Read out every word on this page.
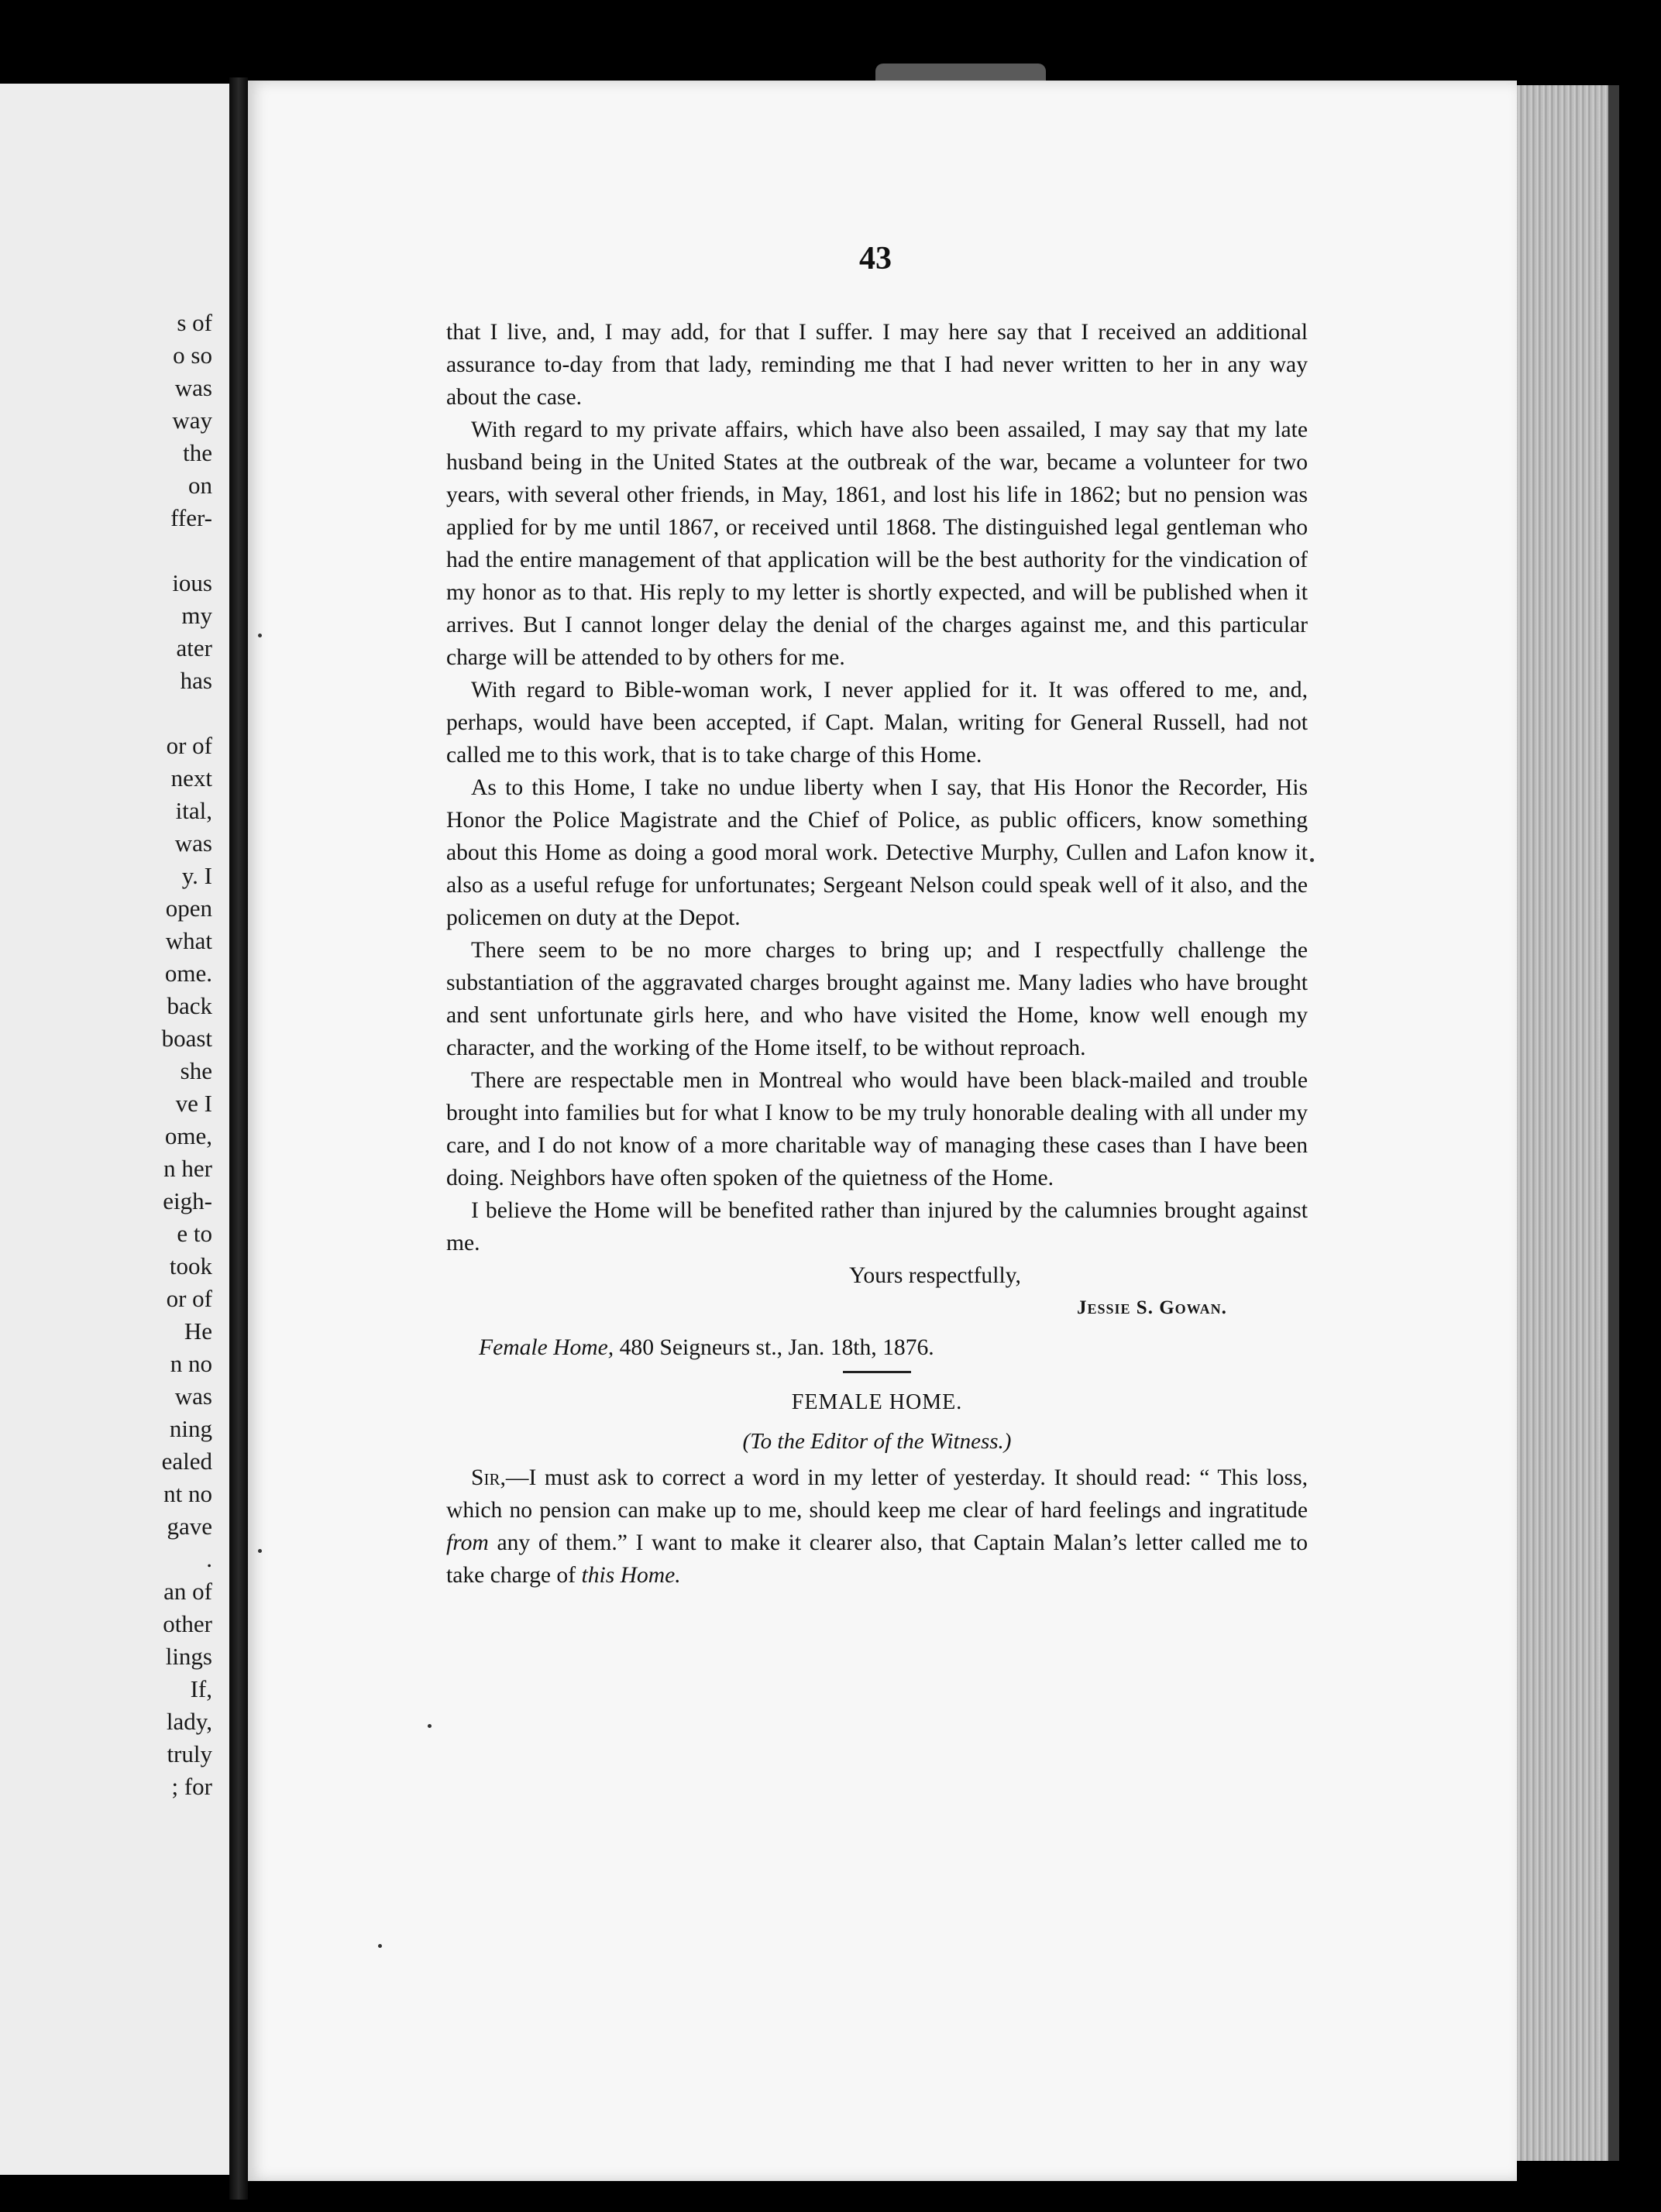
s of
o so
was
way
the
on
ffer-
ious
my
ater
has
or of
next
ital,
was
y. I
open
what
ome.
back
boast
she
ve I
ome,
n her
eigh-
e to
took
or of
He
n no
was
ning
ealed
nt no
gave
.
an of
other
lings
If,
lady,
truly
; for
43

that I live, and, I may add, for that I suffer. I may here say that I received an additional assurance to-day from that lady, reminding me that I had never written to her in any way about the case.

With regard to my private affairs, which have also been assailed, I may say that my late husband being in the United States at the outbreak of the war, became a volunteer for two years, with several other friends, in May, 1861, and lost his life in 1862; but no pension was applied for by me until 1867, or received until 1868. The distinguished legal gentleman who had the entire management of that application will be the best authority for the vindication of my honor as to that. His reply to my letter is shortly expected, and will be published when it arrives. But I cannot longer delay the denial of the charges against me, and this particular charge will be attended to by others for me.

With regard to Bible-woman work, I never applied for it. It was offered to me, and, perhaps, would have been accepted, if Capt. Malan, writing for General Russell, had not called me to this work, that is to take charge of this Home.

As to this Home, I take no undue liberty when I say, that His Honor the Recorder, His Honor the Police Magistrate and the Chief of Police, as public officers, know something about this Home as doing a good moral work. Detective Murphy, Cullen and Lafon know it also as a useful refuge for unfortunates; Sergeant Nelson could speak well of it also, and the policemen on duty at the Depot.

There seem to be no more charges to bring up; and I respectfully challenge the substantiation of the aggravated charges brought against me. Many ladies who have brought and sent unfortunate girls here, and who have visited the Home, know well enough my character, and the working of the Home itself, to be without reproach.

There are respectable men in Montreal who would have been black-mailed and trouble brought into families but for what I know to be my truly honorable dealing with all under my care, and I do not know of a more charitable way of managing these cases than I have been doing. Neighbors have often spoken of the quietness of the Home.

I believe the Home will be benefited rather than injured by the calumnies brought against me.

Yours respectfully,
Jessie S. Gowan.
Female Home, 480 Seigneurs st., Jan. 18th, 1876.
FEMALE HOME.
(To the Editor of the Witness.)

Sir,—I must ask to correct a word in my letter of yesterday. It should read: “ This loss, which no pension can make up to me, should keep me clear of hard feelings and ingratitude from any of them.” I want to make it clearer also, that Captain Malan’s letter called me to take charge of this Home.
